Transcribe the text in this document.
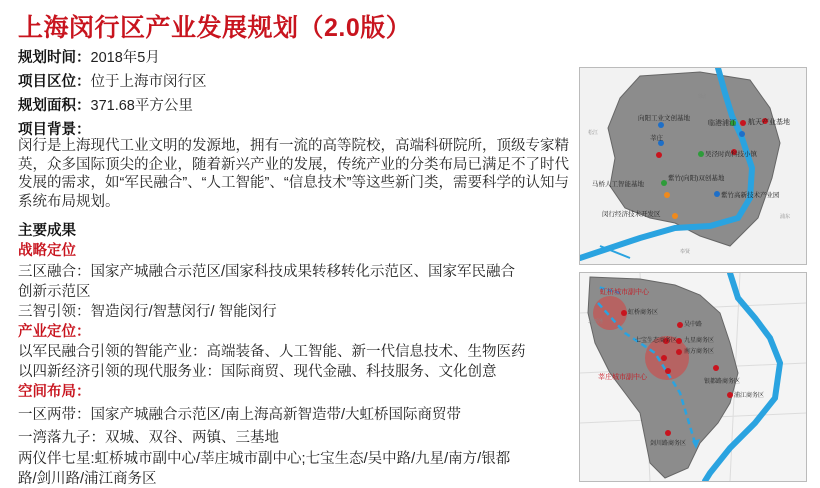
上海闵行区产业发展规划（2.0版）
规划时间：2018年5月
项目区位：位于上海市闵行区
规划面积：371.68平方公里
项目背景：
闵行是上海现代工业文明的发源地，拥有一流的高等院校，高端科研院所，顶级专家精英，众多国际顶尖的企业，随着新兴产业的发展，传统产业的分类布局已满足不了时代发展的需求，如“军民融合”、“人工智能”、“信息技术”等这些新门类，需要科学的认知与系统布局规划。
主要成果
战略定位
三区融合：国家产城融合示范区/国家科技成果转移转化示范区、国家军民融合
创新示范区
三智引领：智造闵行/智慧闵行/ 智能闵行
产业定位：
以军民融合引领的智能产业：高端装备、人工智能、新一代信息技术、生物医药
以四新经济引领的现代服务业：国际商贸、现代金融、科技服务、文化创意
空间布局：
一区两带：国家产城融合示范区/南上海高新智造带/大虹桥国际商贸带
一湾落九子：双城、双谷、两镇、三基地
两仪伴七星:虹桥城市副中心/莘庄城市副中心;七宝生态/吴中路/九星/南方/银都
路/剑川路/浦江商务区
临港浦江 航天产业基地
向阳工业文创基地
莘庄
吴泾时尚科技小镇
紫竹高新技术产业园
马桥人工智能基地
紫竹(向阳)双创基地
闵行经济技术开发区
松江
徐汇
奉贤
浦东
虹桥城市副中心
虹桥商务区
七宝生态商务区
吴中路
九星商务区
南方商务区
银都路商务区
莘庄城市副中心
浦江商务区
剑川路商务区
北新泾
